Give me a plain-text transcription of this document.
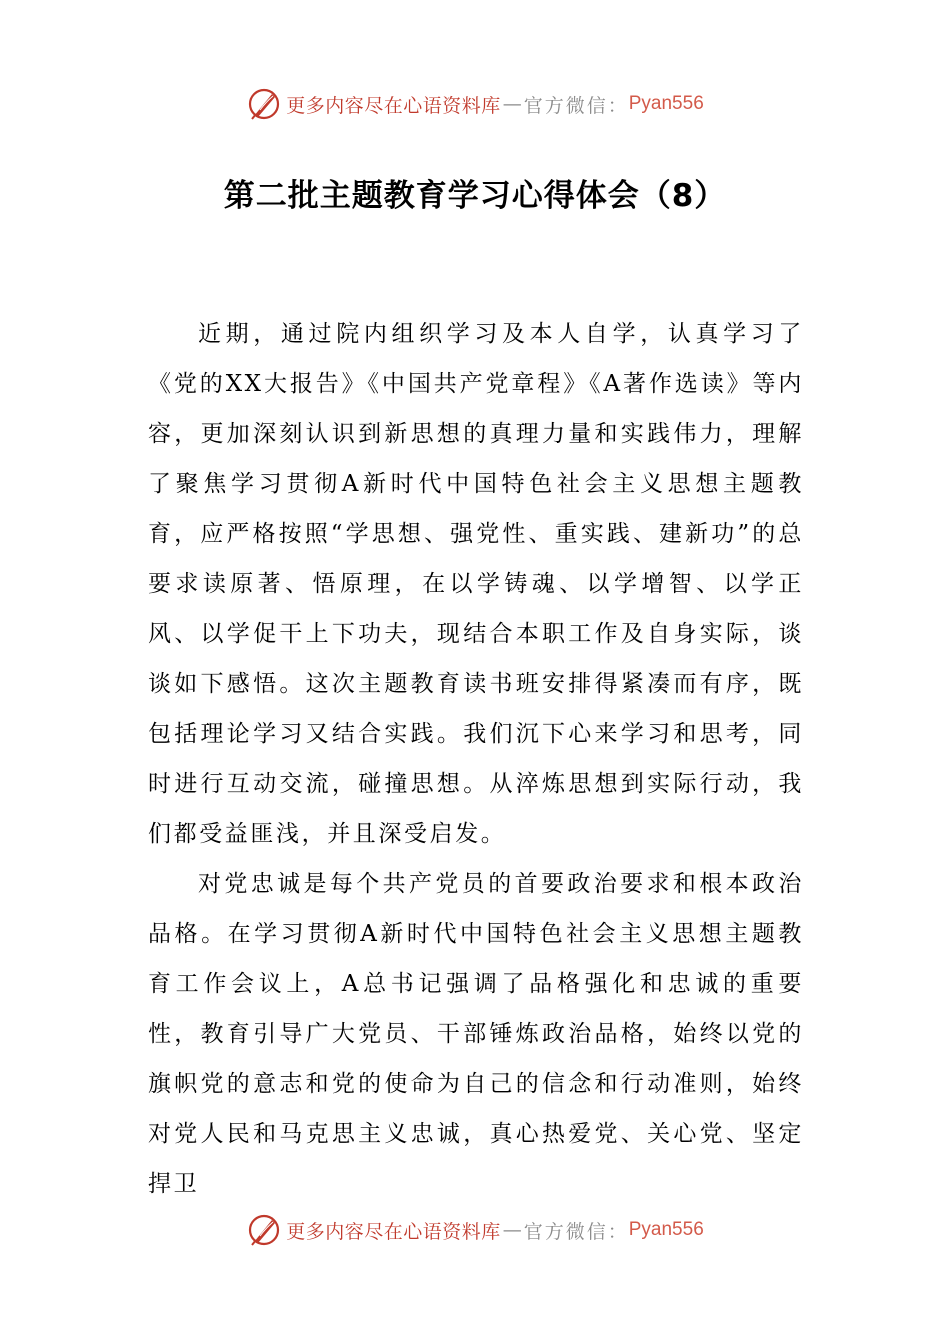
更多内容尽在心语资料库 — 官方微信： Pyan556
第二批主题教育学习心得体会（8）

近期，通过院内组织学习及本人自学，认真学习了《党的XX大报告》《中国共产党章程》《A著作选读》等内容，更加深刻认识到新思想的真理力量和实践伟力，理解了聚焦学习贯彻A新时代中国特色社会主义思想主题教育，应严格按照“学思想、强党性、重实践、建新功”的总要求读原著、悟原理，在以学铸魂、以学增智、以学正风、以学促干上下功夫，现结合本职工作及自身实际，谈谈如下感悟。这次主题教育读书班安排得紧凑而有序，既包括理论学习又结合实践。我们沉下心来学习和思考，同时进行互动交流，碰撞思想。从淬炼思想到实际行动，我们都受益匪浅，并且深受启发。

对党忠诚是每个共产党员的首要政治要求和根本政治品格。在学习贯彻A新时代中国特色社会主义思想主题教育工作会议上，A总书记强调了品格强化和忠诚的重要性，教育引导广大党员、干部锤炼政治品格，始终以党的旗帜党的意志和党的使命为自己的信念和行动准则，始终对党人民和马克思主义忠诚，真心热爱党、关心党、坚定捍卫

更多内容尽在心语资料库 — 官方微信： Pyan556
